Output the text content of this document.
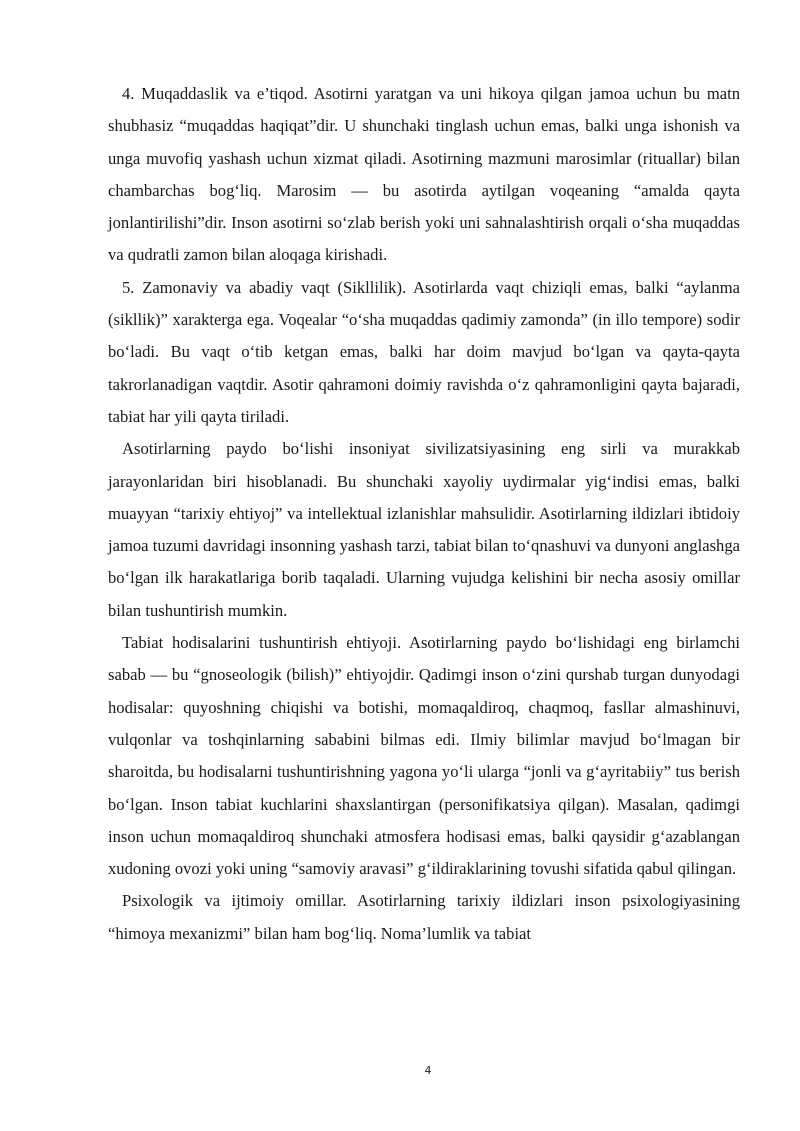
4. Muqaddaslik va e’tiqod. Asotirni yaratgan va uni hikoya qilgan jamoa uchun bu matn shubhasiz “muqaddas haqiqat”dir. U shunchaki tinglash uchun emas, balki unga ishonish va unga muvofiq yashash uchun xizmat qiladi. Asotirning mazmuni marosimlar (rituallar) bilan chambarchas bog‘liq. Marosim — bu asotirda aytilgan voqeaning “amalda qayta jonlantirilishi”dir. Inson asotirni so‘zlab berish yoki uni sahnalashtirish orqali o‘sha muqaddas va qudratli zamon bilan aloqaga kirishadi.

5. Zamonaviy va abadiy vaqt (Sikllilik). Asotirlarda vaqt chiziqli emas, balki “aylanma (sikllik)” xarakterga ega. Voqealar “o‘sha muqaddas qadimiy zamonda” (in illo tempore) sodir bo‘ladi. Bu vaqt o‘tib ketgan emas, balki har doim mavjud bo‘lgan va qayta-qayta takrorlanadigan vaqtdir. Asotir qahramoni doimiy ravishda o‘z qahramonligini qayta bajaradi, tabiat har yili qayta tiriladi.

Asotirlarning paydo bo‘lishi insoniyat sivilizatsiyasining eng sirli va murakkab jarayonlaridan biri hisoblanadi. Bu shunchaki xayoliy uydirmalar yig‘indisi emas, balki muayyan “tarixiy ehtiyoj” va intellektual izlanishlar mahsulidir. Asotirlarning ildizlari ibtidoiy jamoa tuzumi davridagi insonning yashash tarzi, tabiat bilan to‘qnashuvi va dunyoni anglashga bo‘lgan ilk harakatlariga borib taqaladi. Ularning vujudga kelishini bir necha asosiy omillar bilan tushuntirish mumkin.

Tabiat hodisalarini tushuntirish ehtiyoji. Asotirlarning paydo bo‘lishidagi eng birlamchi sabab — bu “gnoseologik (bilish)” ehtiyojdir. Qadimgi inson o‘zini qurshab turgan dunyodagi hodisalar: quyoshning chiqishi va botishi, momaqaldiroq, chaqmoq, fasllar almashinuvi, vulqonlar va toshqinlarning sababini bilmas edi. Ilmiy bilimlar mavjud bo‘lmagan bir sharoitda, bu hodisalarni tushuntirishning yagona yo‘li ularga “jonli va g‘ayritabiiy” tus berish bo‘lgan. Inson tabiat kuchlarini shaxslantirgan (personifikatsiya qilgan). Masalan, qadimgi inson uchun momaqaldiroq shunchaki atmosfera hodisasi emas, balki qaysidir g‘azablangan xudoning ovozi yoki uning “samoviy aravasi” g‘ildiraklarining tovushi sifatida qabul qilingan.

Psixologik va ijtimoiy omillar. Asotirlarning tarixiy ildizlari inson psixologiyasining “himoya mexanizmi” bilan ham bog‘liq. Noma’lumlik va tabiat

4
